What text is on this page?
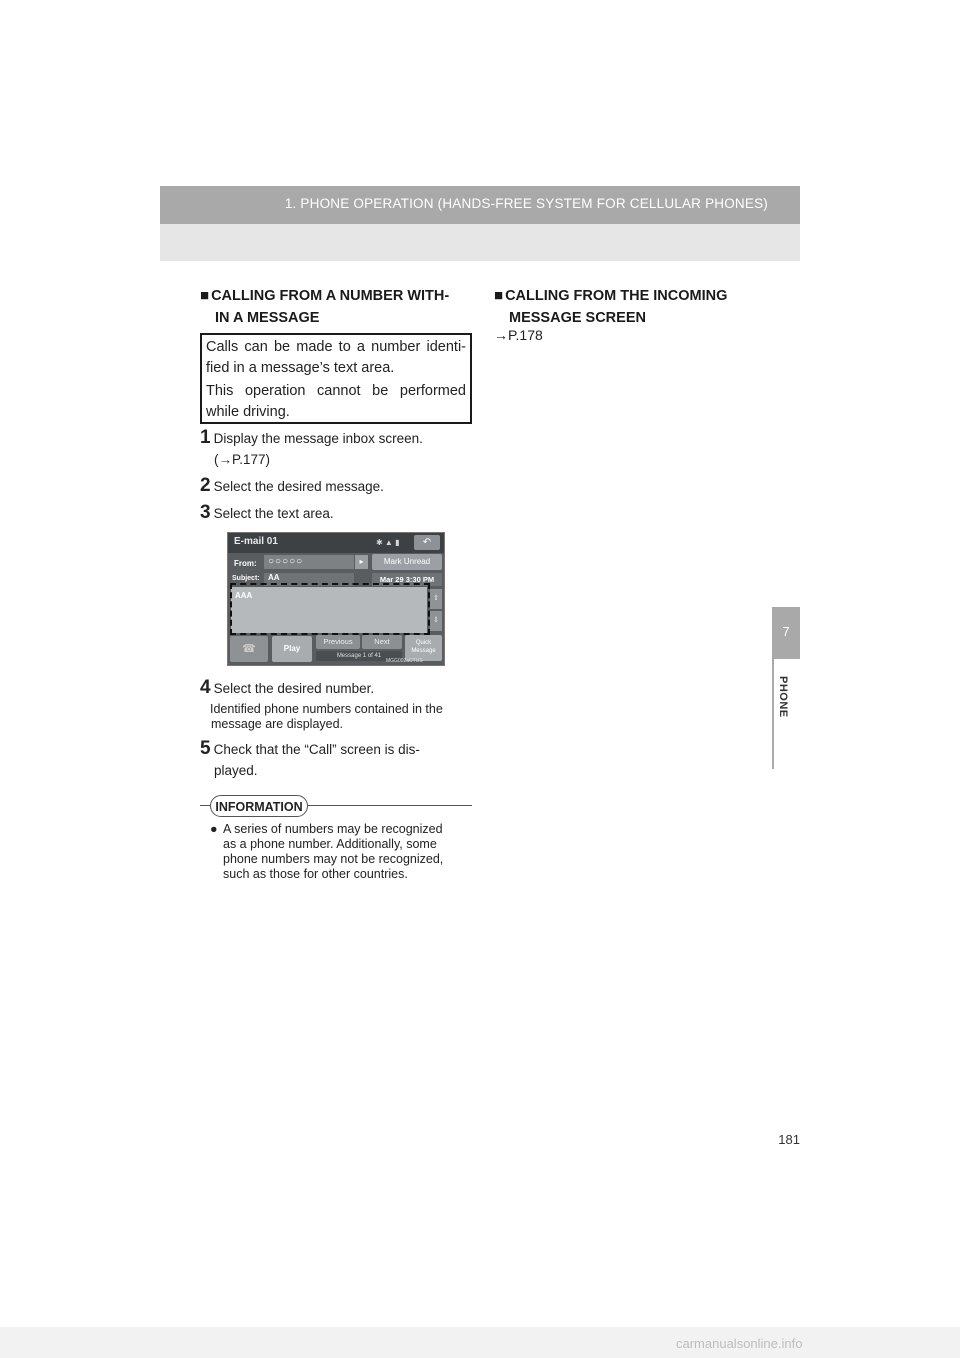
1. PHONE OPERATION (HANDS-FREE SYSTEM FOR CELLULAR PHONES)
7
PHONE
■ CALLING FROM A NUMBER WITH-
IN A MESSAGE
■ CALLING FROM THE INCOMING
MESSAGE SCREEN
→P.178

Calls can be made to a number identi-fied in a message’s text area.

This operation cannot be performed while driving.

1 Display the message inbox screen.
(→P.177)
2 Select the desired message.
3 Select the text area.
E-mail 01	✱ ▲ ▮	↶
From: ○○○○○	▸	Mark Unread
Subject: AA	Mar 29 3:30 PM
AAA	⇧
⇩
☎	Play
Previous	Next
Message 1 of 41
Quick
Message
MGG002aCTUS
4 Select the desired number.
Identified phone numbers contained in the
message are displayed.
5 Check that the “Call” screen is dis-
played.
INFORMATION
● A series of numbers may be recognized
as a phone number. Additionally, some
phone numbers may not be recognized,
such as those for other countries.
181
carmanualsonline.info
